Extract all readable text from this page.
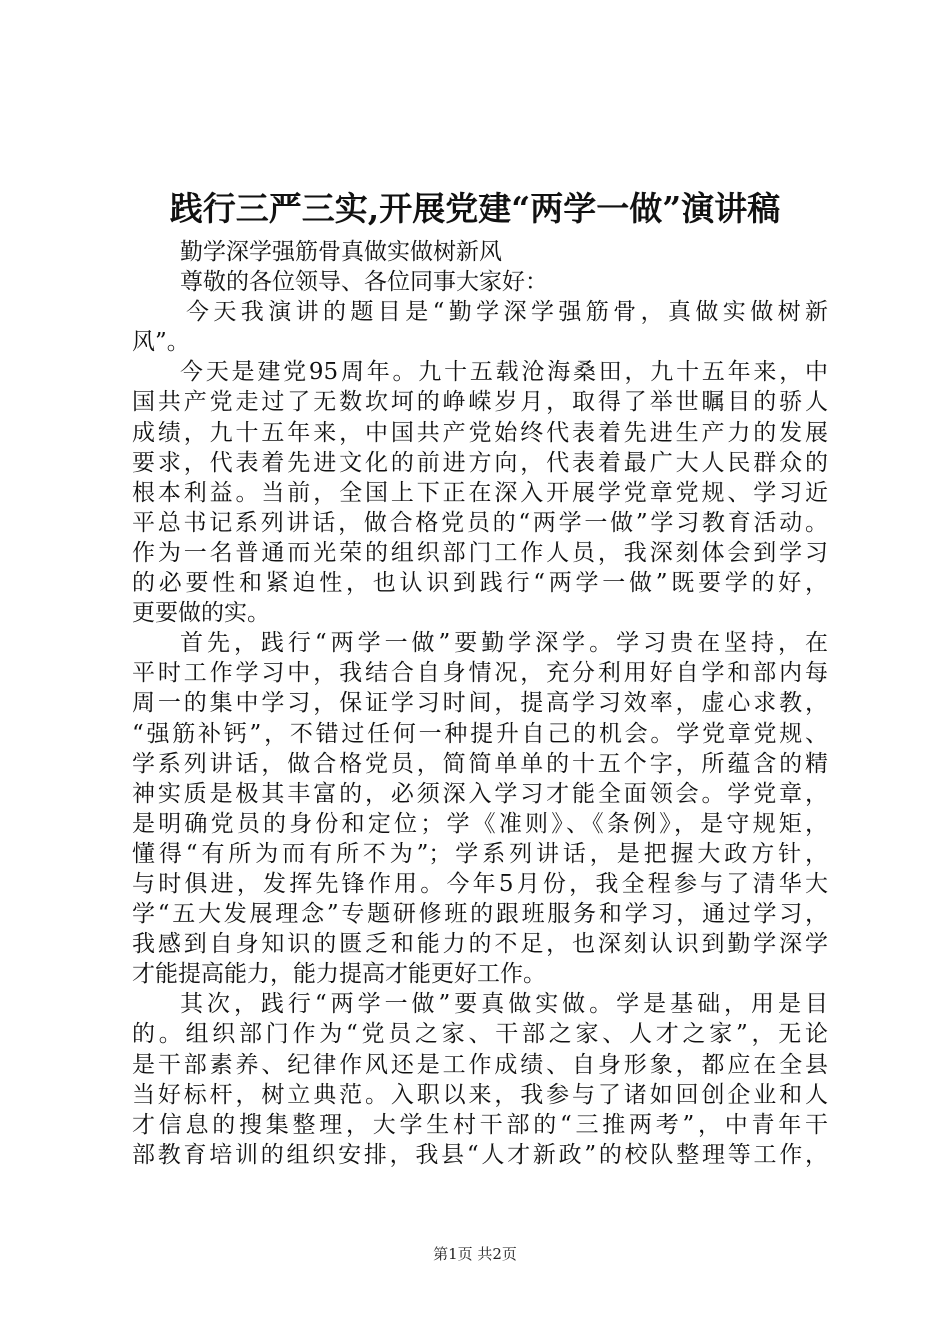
践行三严三实,开展党建“两学一做”演讲稿
勤学深学强筋骨真做实做树新风
尊敬的各位领导、各位同事大家好：
今天我演讲的题目是“勤学深学强筋骨，真做实做树新
风”。
今天是建党95周年。九十五载沧海桑田，九十五年来，中
国共产党走过了无数坎坷的峥嵘岁月，取得了举世瞩目的骄人
成绩，九十五年来，中国共产党始终代表着先进生产力的发展
要求，代表着先进文化的前进方向，代表着最广大人民群众的
根本利益。当前，全国上下正在深入开展学党章党规、学习近
平总书记系列讲话，做合格党员的“两学一做”学习教育活动。
作为一名普通而光荣的组织部门工作人员，我深刻体会到学习
的必要性和紧迫性，也认识到践行“两学一做”既要学的好，
更要做的实。
首先，践行“两学一做”要勤学深学。学习贵在坚持，在
平时工作学习中，我结合自身情况，充分利用好自学和部内每
周一的集中学习，保证学习时间，提高学习效率，虚心求教，
“强筋补钙”，不错过任何一种提升自己的机会。学党章党规、
学系列讲话，做合格党员，简简单单的十五个字，所蕴含的精
神实质是极其丰富的，必须深入学习才能全面领会。学党章，
是明确党员的身份和定位；学《准则》、《条例》，是守规矩，
懂得“有所为而有所不为”；学系列讲话，是把握大政方针，
与时俱进，发挥先锋作用。今年5月份，我全程参与了清华大
学“五大发展理念”专题研修班的跟班服务和学习，通过学习，
我感到自身知识的匮乏和能力的不足，也深刻认识到勤学深学
才能提高能力，能力提高才能更好工作。
其次，践行“两学一做”要真做实做。学是基础，用是目
的。组织部门作为“党员之家、干部之家、人才之家”，无论
是干部素养、纪律作风还是工作成绩、自身形象，都应在全县
当好标杆，树立典范。入职以来，我参与了诸如回创企业和人
才信息的搜集整理，大学生村干部的“三推两考”，中青年干
部教育培训的组织安排，我县“人才新政”的校队整理等工作，
第1页 共2页
